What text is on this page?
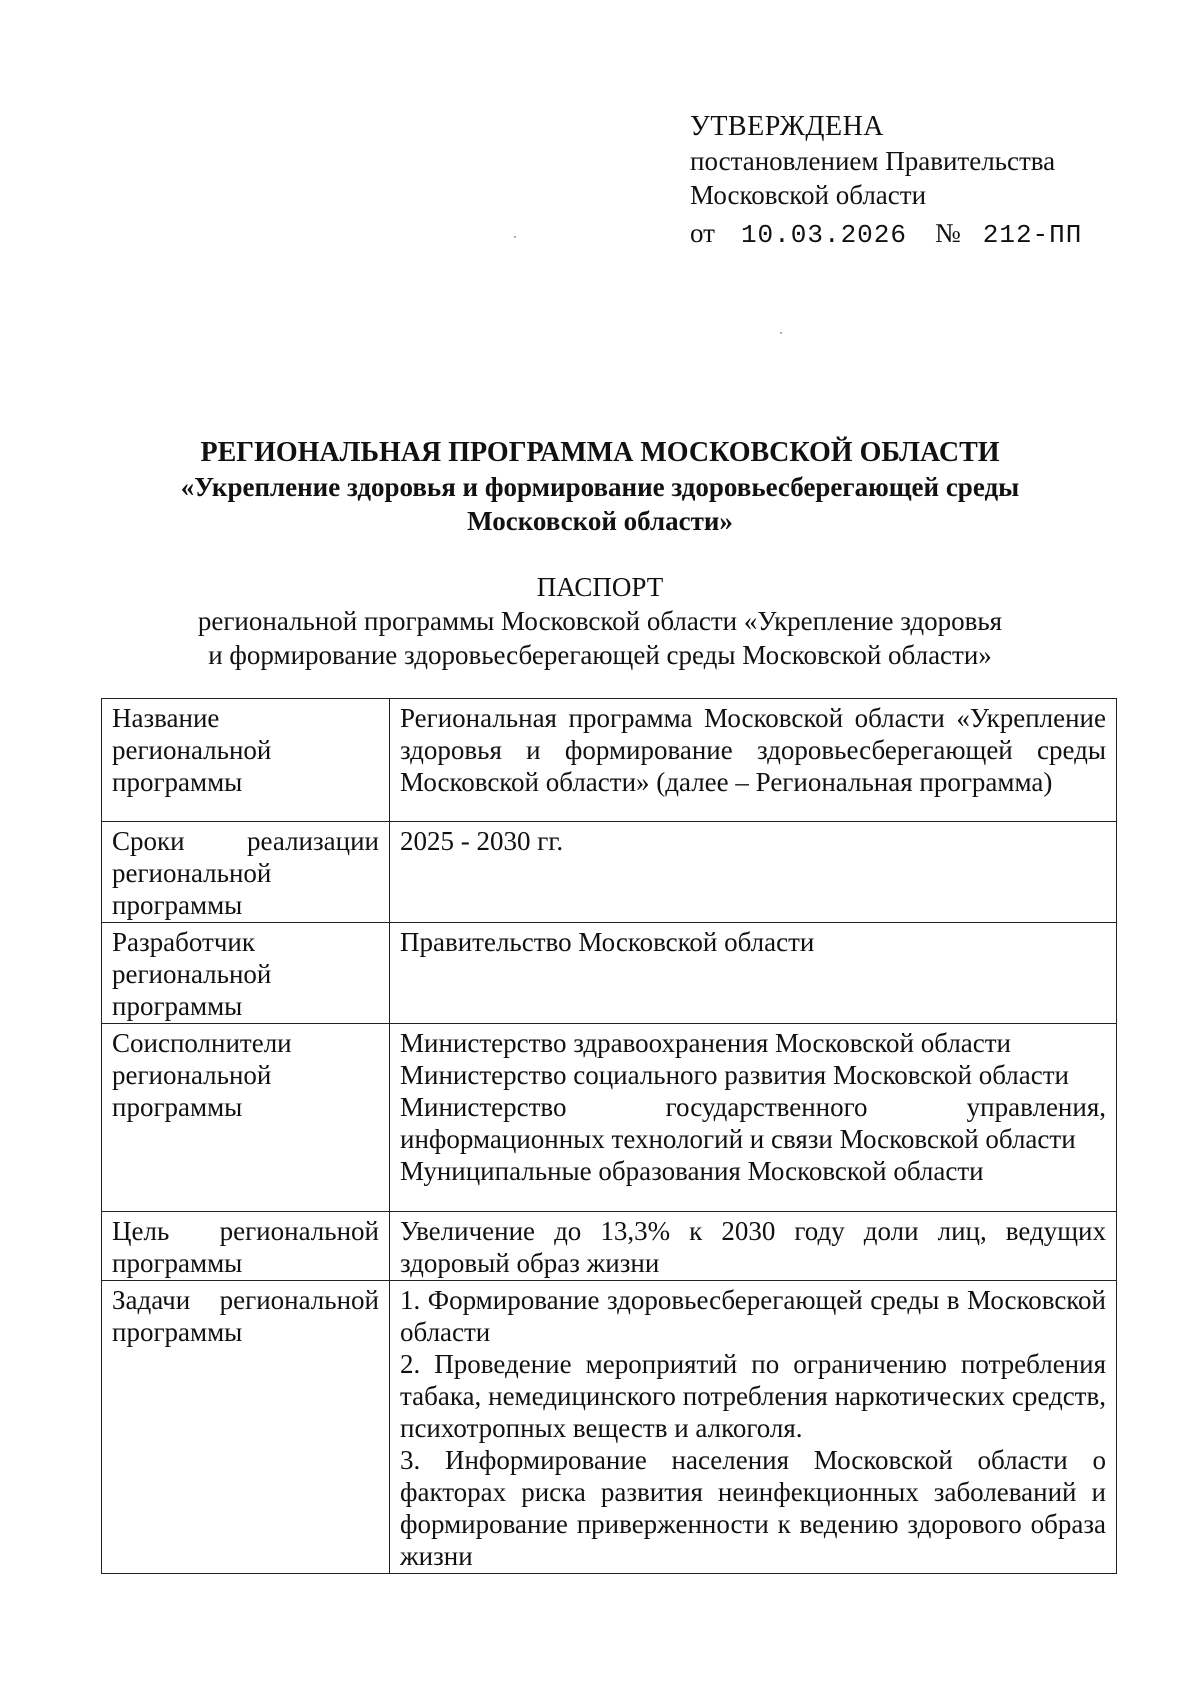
УТВЕРЖДЕНА
постановлением Правительства
Московской области
от 10.03.2026 № 212-ПП
РЕГИОНАЛЬНАЯ ПРОГРАММА МОСКОВСКОЙ ОБЛАСТИ
«Укрепление здоровья и формирование здоровьесберегающей среды
Московской области»
ПАСПОРТ
региональной программы Московской области «Укрепление здоровья
и формирование здоровьесберегающей среды Московской области»
Название региональной программы	Региональная программа Московской области «Укрепление здоровья и формирование здоровьесберегающей среды Московской области» (далее – Региональная программа)
Сроки реализации региональной программы	2025 - 2030 гг.

Разработчик региональной программы	Правительство Московской области

Соисполнители региональной программы	Министерство здравоохранения Московской области
Министерство социального развития Московской области
Министерство государственного управления, информационных технологий и связи Московской области
Муниципальные образования Московской области

Цель региональной программы	Увеличение до 13,3% к 2030 году доли лиц, ведущих здоровый образ жизни

Задачи региональной программы	1. Формирование здоровьесберегающей среды в Московской области
2. Проведение мероприятий по ограничению потребления табака, немедицинского потребления наркотических средств, психотропных веществ и алкоголя.
3. Информирование населения Московской области о факторах риска развития неинфекционных заболеваний и формирование приверженности к ведению здорового образа жизни
